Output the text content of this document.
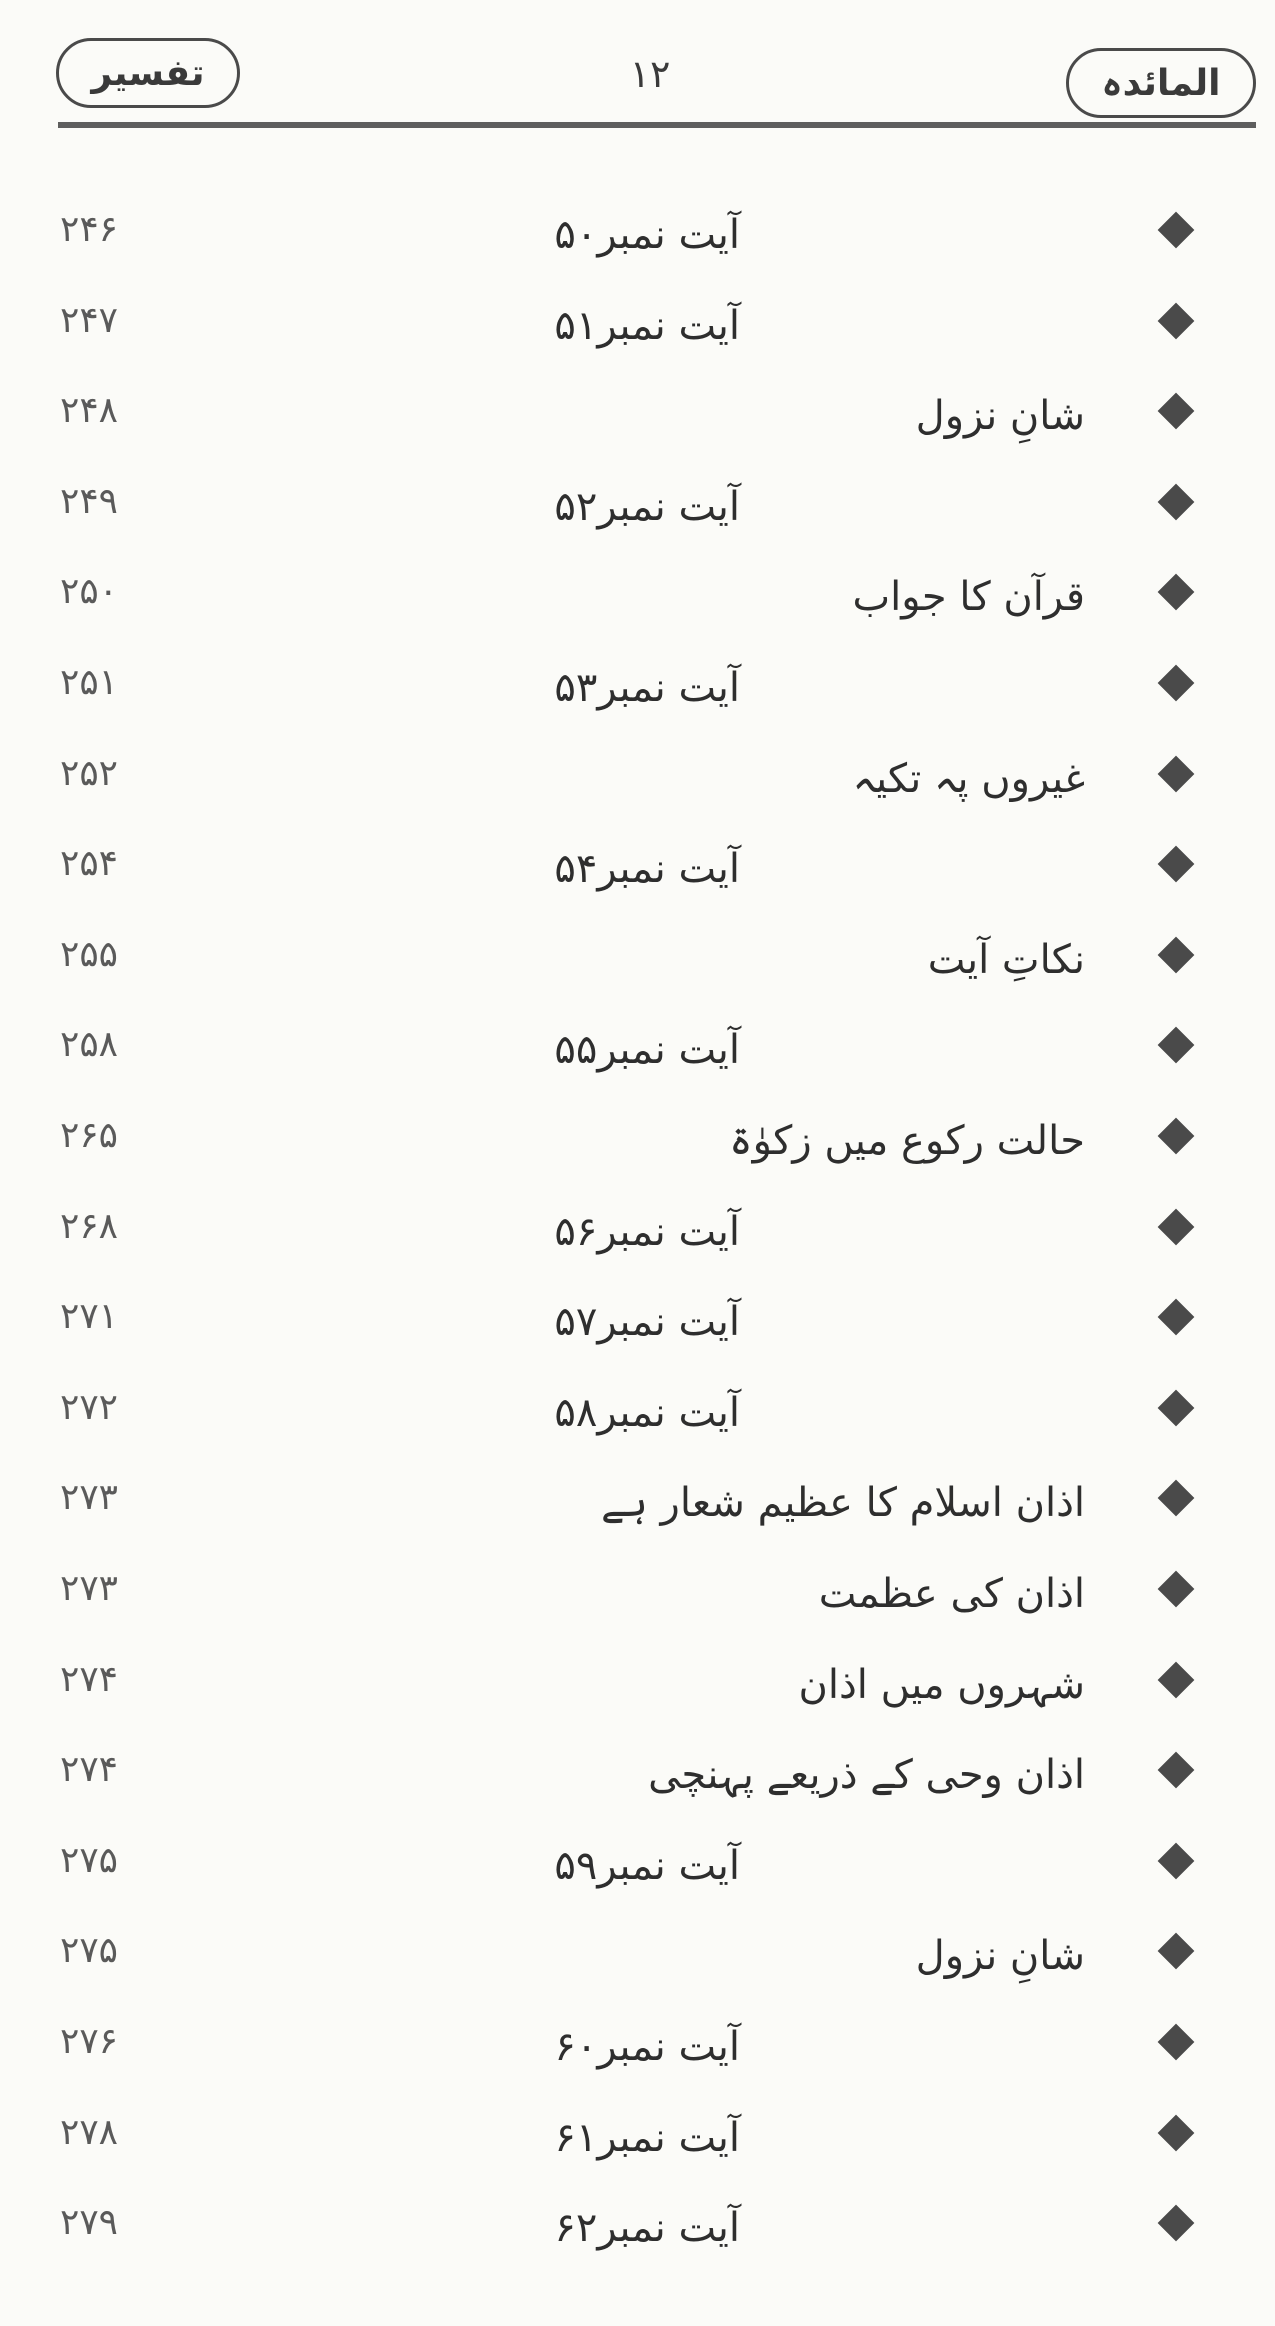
تفسیر	۱۲	المائدہ
۲۴۶	آیت نمبر۵۰
۲۴۷	آیت نمبر۵۱
۲۴۸	شانِ نزول
۲۴۹	آیت نمبر۵۲
۲۵۰	قرآن کا جواب
۲۵۱	آیت نمبر۵۳
۲۵۲	غیروں پہ تکیہ
۲۵۴	آیت نمبر۵۴
۲۵۵	نکاتِ آیت
۲۵۸	آیت نمبر۵۵
۲۶۵	حالت رکوع میں زکوٰۃ
۲۶۸	آیت نمبر۵۶
۲۷۱	آیت نمبر۵۷
۲۷۲	آیت نمبر۵۸
۲۷۳	اذان اسلام کا عظیم شعار ہے
۲۷۳	اذان کی عظمت
۲۷۴	شہروں میں اذان
۲۷۴	اذان وحی کے ذریعے پہنچی
۲۷۵	آیت نمبر۵۹
۲۷۵	شانِ نزول
۲۷۶	آیت نمبر۶۰
۲۷۸	آیت نمبر۶۱
۲۷۹	آیت نمبر۶۲
